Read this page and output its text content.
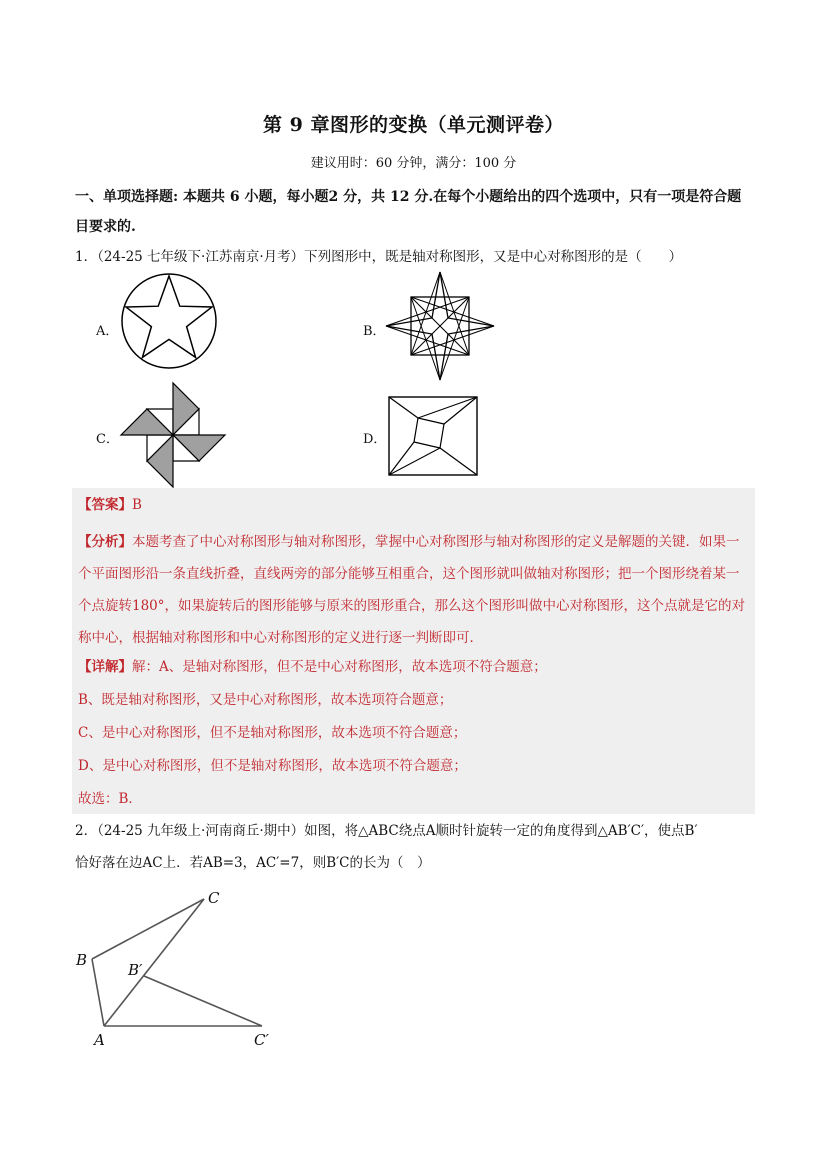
第 9 章图形的变换（单元测评卷）
建议用时：60 分钟，满分：100 分
一、单项选择题: 本题共 6 小题，每小题2 分，共 12 分.在每个小题给出的四个选项中，只有一项是符合题目要求的.
1．（24-25 七年级下·江苏南京·月考）下列图形中，既是轴对称图形，又是中心对称图形的是（　　）
A．	B．
C．	D．
【答案】B
【分析】本题考查了中心对称图形与轴对称图形，掌握中心对称图形与轴对称图形的定义是解题的关键．如果一个平面图形沿一条直线折叠，直线两旁的部分能够互相重合，这个图形就叫做轴对称图形；把一个图形绕着某一个点旋转180°，如果旋转后的图形能够与原来的图形重合，那么这个图形叫做中心对称图形，这个点就是它的对称中心，根据轴对称图形和中心对称图形的定义进行逐一判断即可．
【详解】解：A、是轴对称图形，但不是中心对称图形，故本选项不符合题意；
B、既是轴对称图形，又是中心对称图形，故本选项符合题意；
C、是中心对称图形，但不是轴对称图形，故本选项不符合题意；
D、是中心对称图形，但不是轴对称图形，故本选项不符合题意；
故选：B．
2．（24-25 九年级上·河南商丘·期中）如图，将△ABC绕点A顺时针旋转一定的角度得到△AB′C′，使点B′
恰好落在边AC上．若AB=3，AC′=7，则B′C的长为（　）
B
C
B′
A	C′
